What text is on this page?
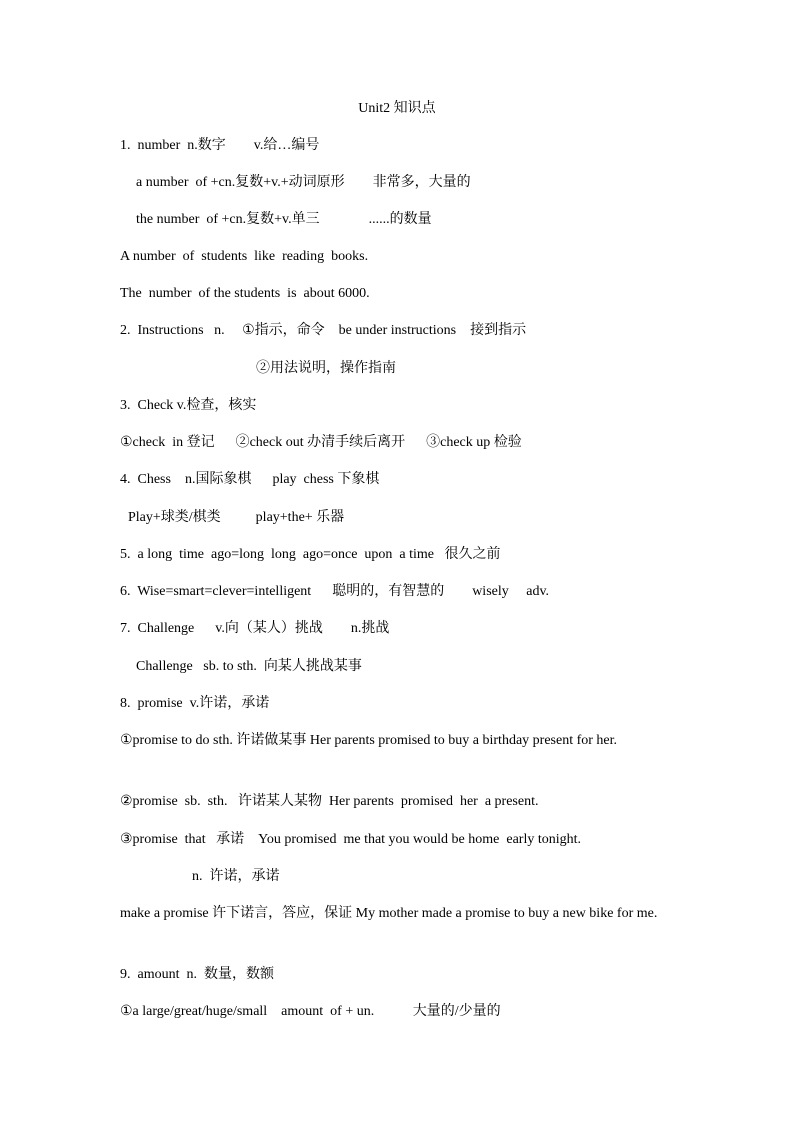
Unit2 知识点
1.  number  n.数字        v.给…编号
a number  of +cn.复数+v.+动词原形        非常多，大量的
the number  of +cn.复数+v.单三              ......的数量
A number  of  students  like  reading  books.
The  number  of the students  is  about 6000.
2.  Instructions   n.     ①指示，命令    be under instructions    接到指示
②用法说明，操作指南
3.  Check v.检查，核实
①check  in 登记      ②check out 办清手续后离开      ③check up 检验
4.  Chess    n.国际象棋      play  chess 下象棋
Play+球类/棋类          play+the+ 乐器
5.  a long  time  ago=long  long  ago=once  upon  a time   很久之前
6.  Wise=smart=clever=intelligent      聪明的，有智慧的        wisely     adv.
7.  Challenge      v.向（某人）挑战        n.挑战
Challenge   sb. to sth.  向某人挑战某事
8.  promise  v.许诺，承诺
①promise to do sth. 许诺做某事 Her parents promised to buy a birthday present for her.
②promise  sb.  sth.   许诺某人某物  Her parents  promised  her  a present.
③promise  that   承诺    You promised  me that you would be home  early tonight.
n.  许诺，承诺
make a promise 许下诺言，答应，保证 My mother made a promise to buy a new bike for me.
9.  amount  n.  数量，数额
①a large/great/huge/small    amount  of + un.           大量的/少量的
